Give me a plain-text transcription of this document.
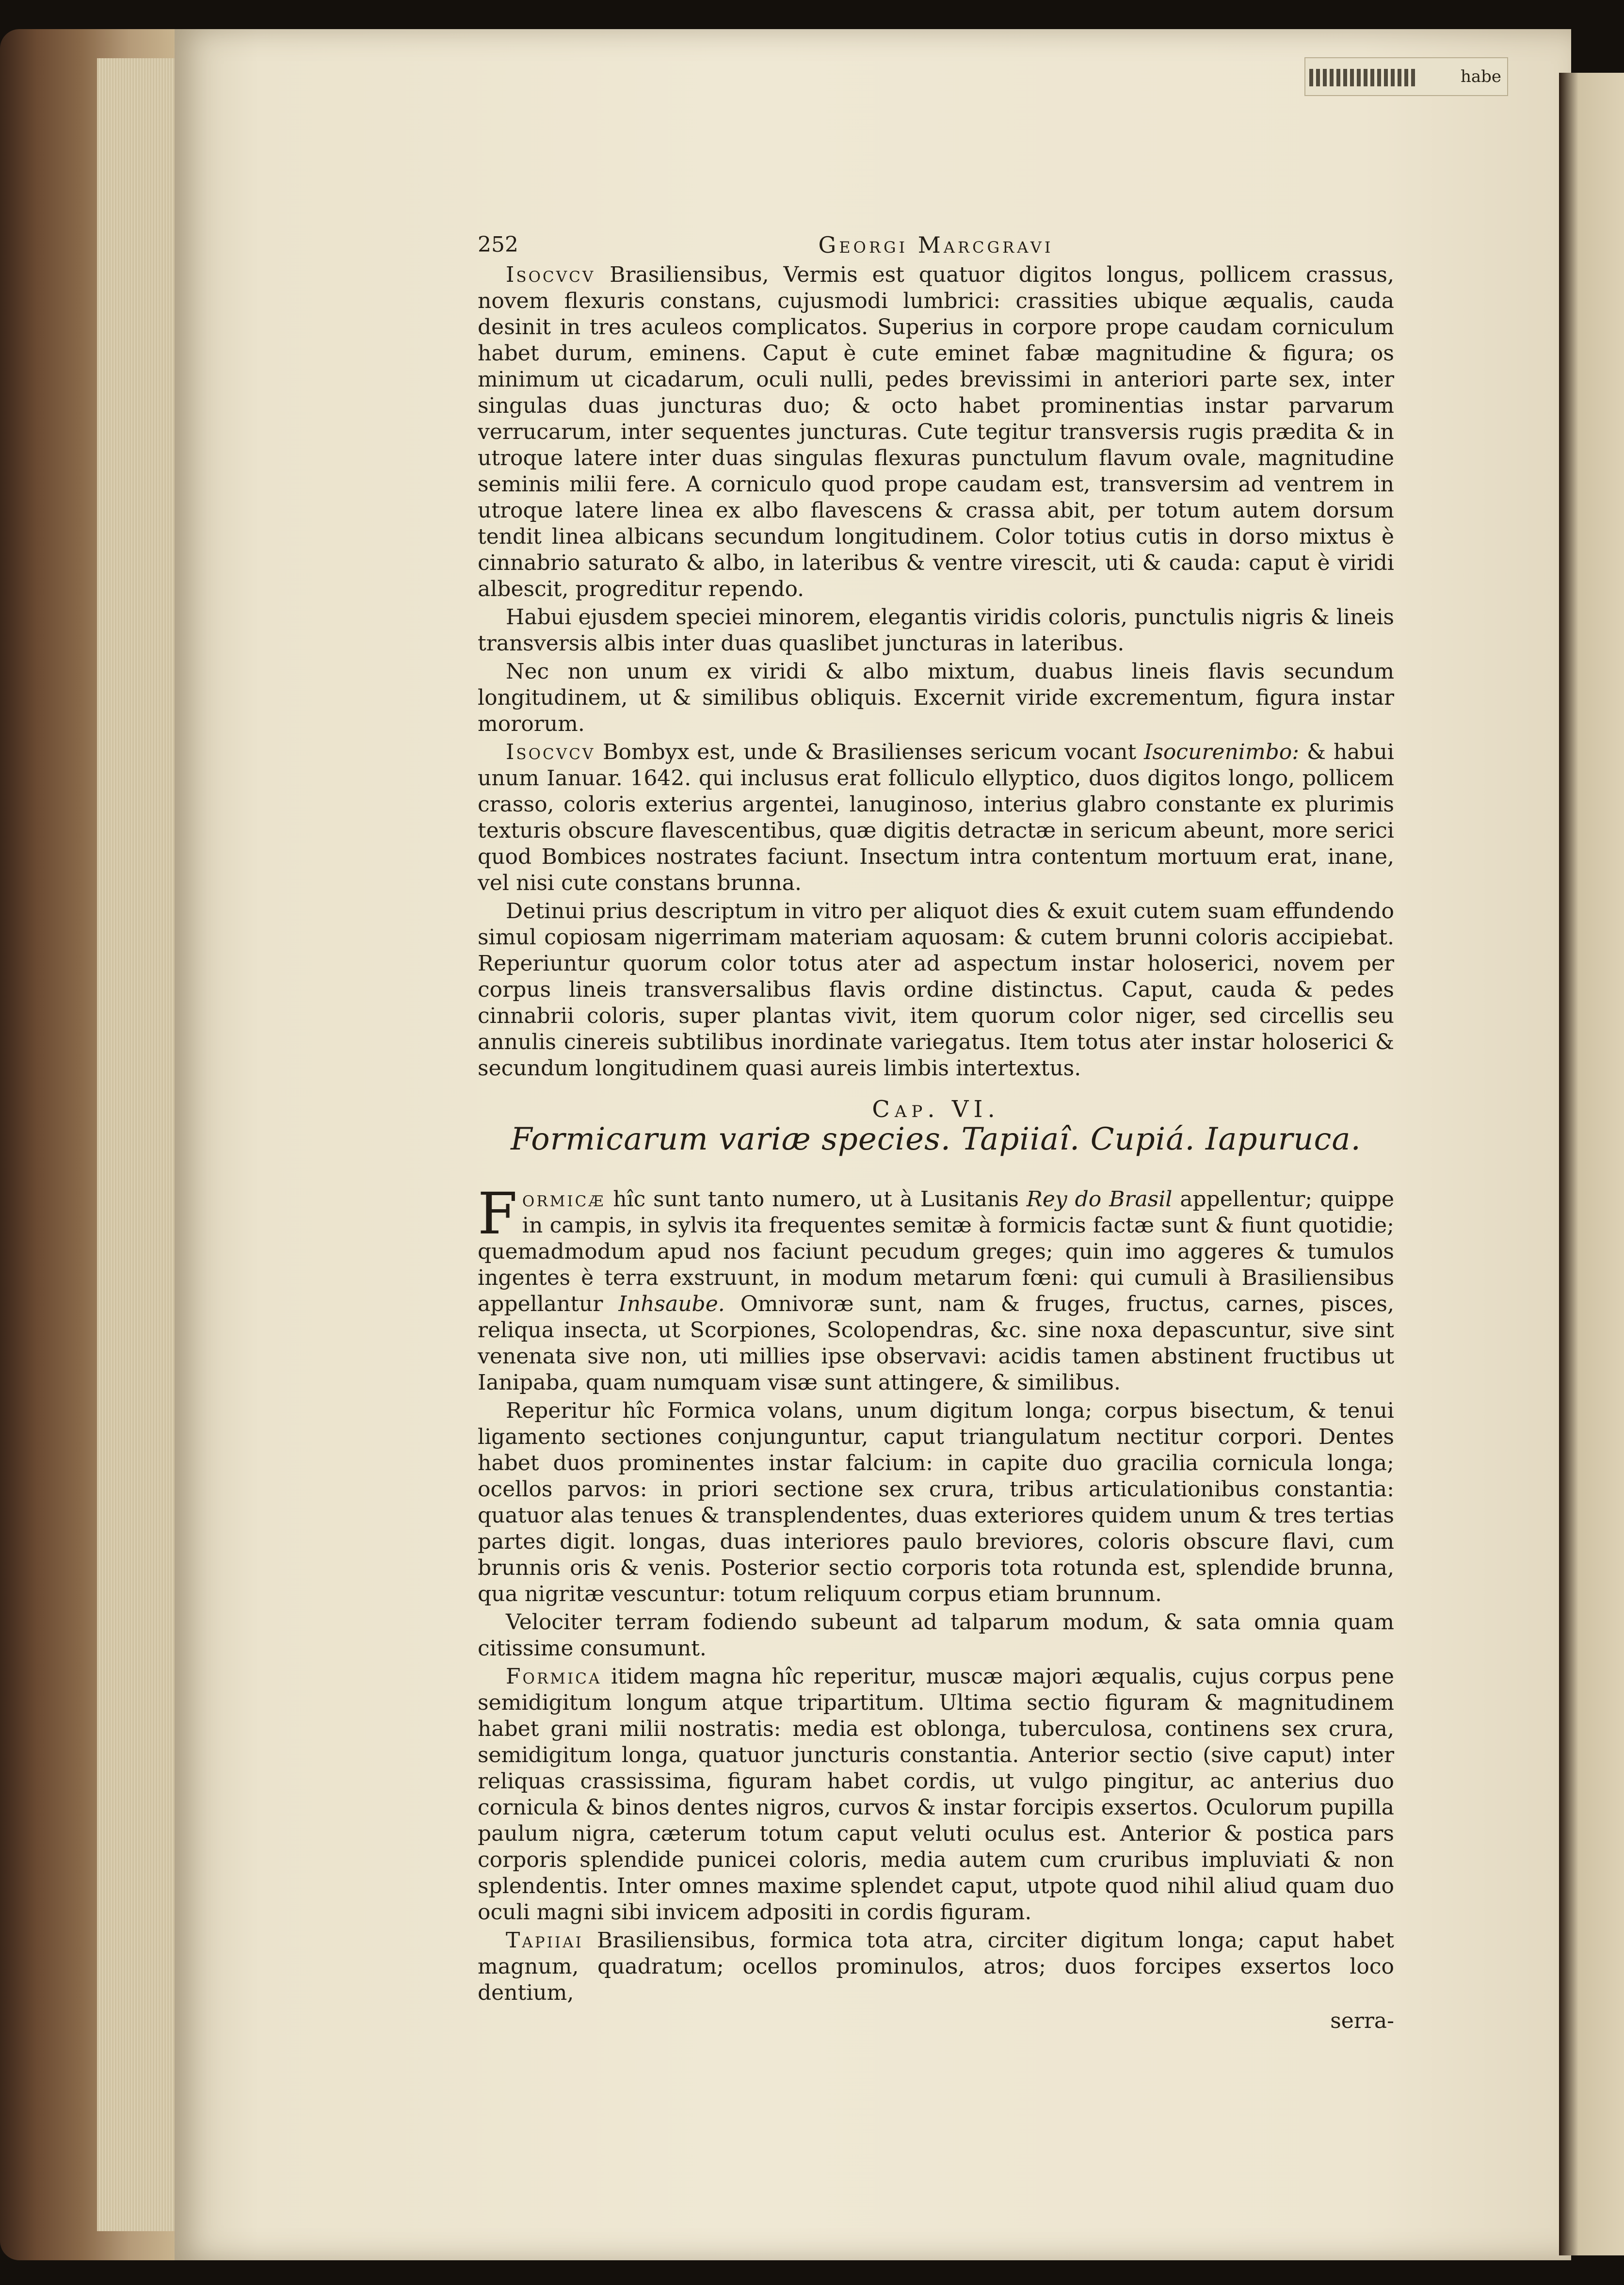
habe
252	Georgi Marcgravi

Isocvcv Brasiliensibus, Vermis est quatuor digitos longus, pollicem crassus, novem flexuris constans, cujusmodi lumbrici: crassities ubique æqualis, cauda desinit in tres aculeos complicatos. Superius in corpore prope caudam corniculum habet durum, eminens. Caput è cute eminet fabæ magnitudine & figura; os minimum ut cicadarum, oculi nulli, pedes brevissimi in anteriori parte sex, inter singulas duas juncturas duo; & octo habet prominentias instar parvarum verrucarum, inter sequentes juncturas. Cute tegitur transversis rugis prædita & in utroque latere inter duas singulas flexuras punctulum flavum ovale, magnitudine seminis milii fere. A corniculo quod prope caudam est, transversim ad ventrem in utroque latere linea ex albo flavescens & crassa abit, per totum autem dorsum tendit linea albicans secundum longitudinem. Color totius cutis in dorso mixtus è cinnabrio saturato & albo, in lateribus & ventre virescit, uti & cauda: caput è viridi albescit, progreditur rependo.

Habui ejusdem speciei minorem, elegantis viridis coloris, punctulis nigris & lineis transversis albis inter duas quaslibet juncturas in lateribus.

Nec non unum ex viridi & albo mixtum, duabus lineis flavis secundum longitudinem, ut & similibus obliquis. Excernit viride excrementum, figura instar mororum.

Isocvcv Bombyx est, unde & Brasilienses sericum vocant Isocurenimbo: & habui unum Ianuar. 1642. qui inclusus erat folliculo ellyptico, duos digitos longo, pollicem crasso, coloris exterius argentei, lanuginoso, interius glabro constante ex plurimis texturis obscure flavescentibus, quæ digitis detractæ in sericum abeunt, more serici quod Bombices nostrates faciunt. Insectum intra contentum mortuum erat, inane, vel nisi cute constans brunna.

Detinui prius descriptum in vitro per aliquot dies & exuit cutem suam effundendo simul copiosam nigerrimam materiam aquosam: & cutem brunni coloris accipiebat. Reperiuntur quorum color totus ater ad aspectum instar holoserici, novem per corpus lineis transversalibus flavis ordine distinctus. Caput, cauda & pedes cinnabrii coloris, super plantas vivit, item quorum color niger, sed circellis seu annulis cinereis subtilibus inordinate variegatus. Item totus ater instar holoserici & secundum longitudinem quasi aureis limbis intertextus.

Cap. VI.
Formicarum variæ species. Tapiiaî. Cupiá. Iapuruca.

Formicæ hîc sunt tanto numero, ut à Lusitanis Rey do Brasil appellentur; quippe in campis, in sylvis ita frequentes semitæ à formicis factæ sunt & fiunt quotidie; quemadmodum apud nos faciunt pecudum greges; quin imo aggeres & tumulos ingentes è terra exstruunt, in modum metarum fœni: qui cumuli à Brasiliensibus appellantur Inhsaube. Omnivoræ sunt, nam & fruges, fructus, carnes, pisces, reliqua insecta, ut Scorpiones, Scolopendras, &c. sine noxa depascuntur, sive sint venenata sive non, uti millies ipse observavi: acidis tamen abstinent fructibus ut Ianipaba, quam numquam visæ sunt attingere, & similibus.

Reperitur hîc Formica volans, unum digitum longa; corpus bisectum, & tenui ligamento sectiones conjunguntur, caput triangulatum nectitur corpori. Dentes habet duos prominentes instar falcium: in capite duo gracilia cornicula longa; ocellos parvos: in priori sectione sex crura, tribus articulationibus constantia: quatuor alas tenues & transplendentes, duas exteriores quidem unum & tres tertias partes digit. longas, duas interiores paulo breviores, coloris obscure flavi, cum brunnis oris & venis. Posterior sectio corporis tota rotunda est, splendide brunna, qua nigritæ vescuntur: totum reliquum corpus etiam brunnum.

Velociter terram fodiendo subeunt ad talparum modum, & sata omnia quam citissime consumunt.

Formica itidem magna hîc reperitur, muscæ majori æqualis, cujus corpus pene semidigitum longum atque tripartitum. Ultima sectio figuram & magnitudinem habet grani milii nostratis: media est oblonga, tuberculosa, continens sex crura, semidigitum longa, quatuor juncturis constantia. Anterior sectio (sive caput) inter reliquas crassissima, figuram habet cordis, ut vulgo pingitur, ac anterius duo cornicula & binos dentes nigros, curvos & instar forcipis exsertos. Oculorum pupilla paulum nigra, cæterum totum caput veluti oculus est. Anterior & postica pars corporis splendide punicei coloris, media autem cum cruribus impluviati & non splendentis. Inter omnes maxime splendet caput, utpote quod nihil aliud quam duo oculi magni sibi invicem adpositi in cordis figuram.

Tapiiai Brasiliensibus, formica tota atra, circiter digitum longa; caput habet magnum, quadratum; ocellos prominulos, atros; duos forcipes exsertos loco dentium,

serra-
